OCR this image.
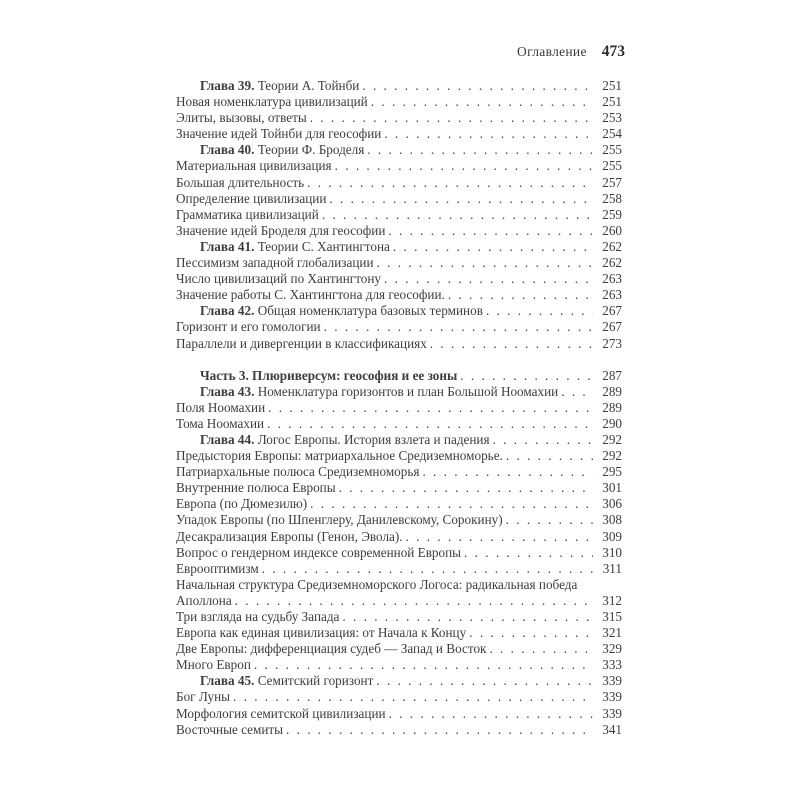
Оглавление 473
Глава 39. Теории А. Тойнби . . .	251
Новая номенклатура цивилизаций . . .	251
Элиты, вызовы, ответы . . .	253
Значение идей Тойнби для геософии . . .	254
Глава 40. Теории Ф. Броделя . . .	255
Материальная цивилизация . . .	255
Большая длительность . . .	257
Определение цивилизации . . .	258
Грамматика цивилизаций . . .	259
Значение идей Броделя для геософии . . .	260
Глава 41. Теории С. Хантингтона . . .	262
Пессимизм западной глобализации . . .	262
Число цивилизаций по Хантингтону . . .	263
Значение работы С. Хантингтона для геософии. . . .	263
Глава 42. Общая номенклатура базовых терминов . . .	267
Горизонт и его гомологии . . .	267
Параллели и дивергенции в классификациях . . .	273
Часть 3. Плюриверсум: геософия и ее зоны . . .	287
Глава 43. Номенклатура горизонтов и план Большой Ноомахии . . .	289
Поля Ноомахии . . .	289
Тома Ноомахии . . .	290
Глава 44. Логос Европы. История взлета и падения . . .	292
Предыстория Европы: матриархальное Средиземноморье. . . .	292
Патриархальные полюса Средиземноморья . . .	295
Внутренние полюса Европы . . .	301
Европа (по Дюмезилю) . . .	306
Упадок Европы (по Шпенглеру, Данилевскому, Сорокину) . . .	308
Десакрализация Европы (Генон, Эвола). . . .	309
Вопрос о гендерном индексе современной Европы . . .	310
Еврооптимизм . . .	311
Начальная структура Средиземноморского Логоса: радикальная победа
Аполлона . . .	312
Три взгляда на судьбу Запада . . .	315
Европа как единая цивилизация: от Начала к Концу . . .	321
Две Европы: дифференциация судеб — Запад и Восток . . .	329
Много Европ . . .	333
Глава 45. Семитский горизонт . . .	339
Бог Луны . . .	339
Морфология семитской цивилизации . . .	339
Восточные семиты . . .	341
